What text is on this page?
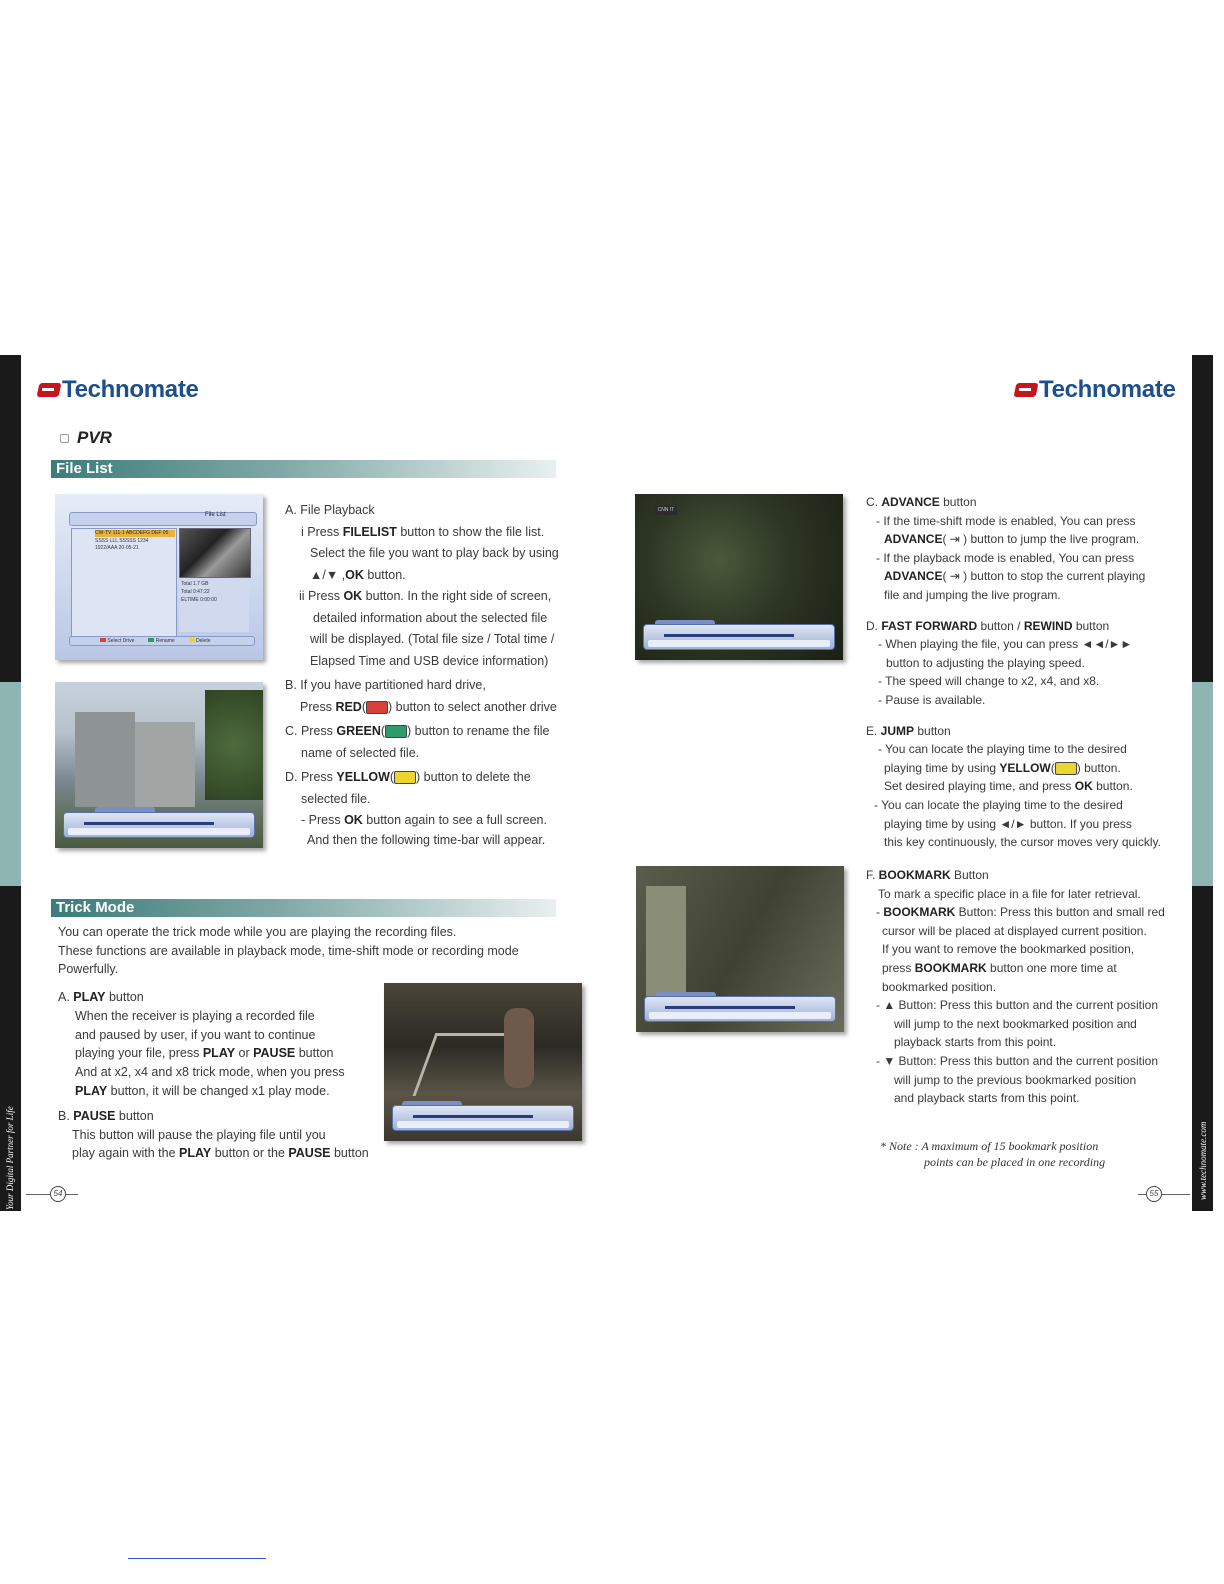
Your Digital Partner for Life	www.technomate.com
Technomate	Technomate
PVR
File List
File List
CW-TV 111-1 ABCDEFG DEF 05
SSSS LLL SSSSS 1234
1922/AAA 20-05-21
Total 1.7 GB
Total 0:47:22
ELTIME 0:00:00
Select Drive	Rename	Delete
A. File Playback
i Press FILELIST button to show the file list.
Select the file you want to play back by using
▲/▼ ,OK button.
ii Press OK button. In the right side of screen,
detailed information about the selected file
will be displayed. (Total file size / Total time /
Elapsed Time and USB device information)
B. If you have partitioned hard drive,
Press RED( ) button to select another drive
C. Press GREEN( ) button to rename the file
name of selected file.
D. Press YELLOW( ) button to delete the
selected file.
- Press OK button again to see a full screen.
And then the following time-bar will appear.
Trick Mode
You can operate the trick mode while you are playing the recording files.
These functions are available in playback mode, time-shift mode or recording mode
Powerfully.
A. PLAY button
When the receiver is playing a recorded file
and paused by user, if you want to continue
playing your file, press PLAY or PAUSE button
And at x2, x4 and x8 trick mode, when you press
PLAY button, it will be changed x1 play mode.
B. PAUSE button
This button will pause the playing file until you
play again with the PLAY button or the PAUSE button
CNN IT
C. ADVANCE button
- If the time-shift mode is enabled, You can press
ADVANCE( ⇥ ) button to jump the live program.
- If the playback mode is enabled, You can press
ADVANCE( ⇥ ) button to stop the current playing
file and jumping the live program.
D. FAST FORWARD button / REWIND button
- When playing the file, you can press ◄◄/►►
button to adjusting the playing speed.
- The speed will change to x2, x4, and x8.
- Pause is available.
E. JUMP button
- You can locate the playing time to the desired
playing time by using YELLOW( ) button.
Set desired playing time, and press OK button.
- You can locate the playing time to the desired
playing time by using ◄/► button. If you press
this key continuously, the cursor moves very quickly.
F. BOOKMARK Button
To mark a specific place in a file for later retrieval.
- BOOKMARK Button: Press this button and small red
cursor will be placed at displayed current position.
If you want to remove the bookmarked position,
press BOOKMARK button one more time at
bookmarked position.
- ▲ Button: Press this button and the current position
will jump to the next bookmarked position and
playback starts from this point.
- ▼ Button: Press this button and the current position
will jump to the previous bookmarked position
and playback starts from this point.
* Note : A maximum of 15 bookmark position
points can be placed in one recording
54	55
